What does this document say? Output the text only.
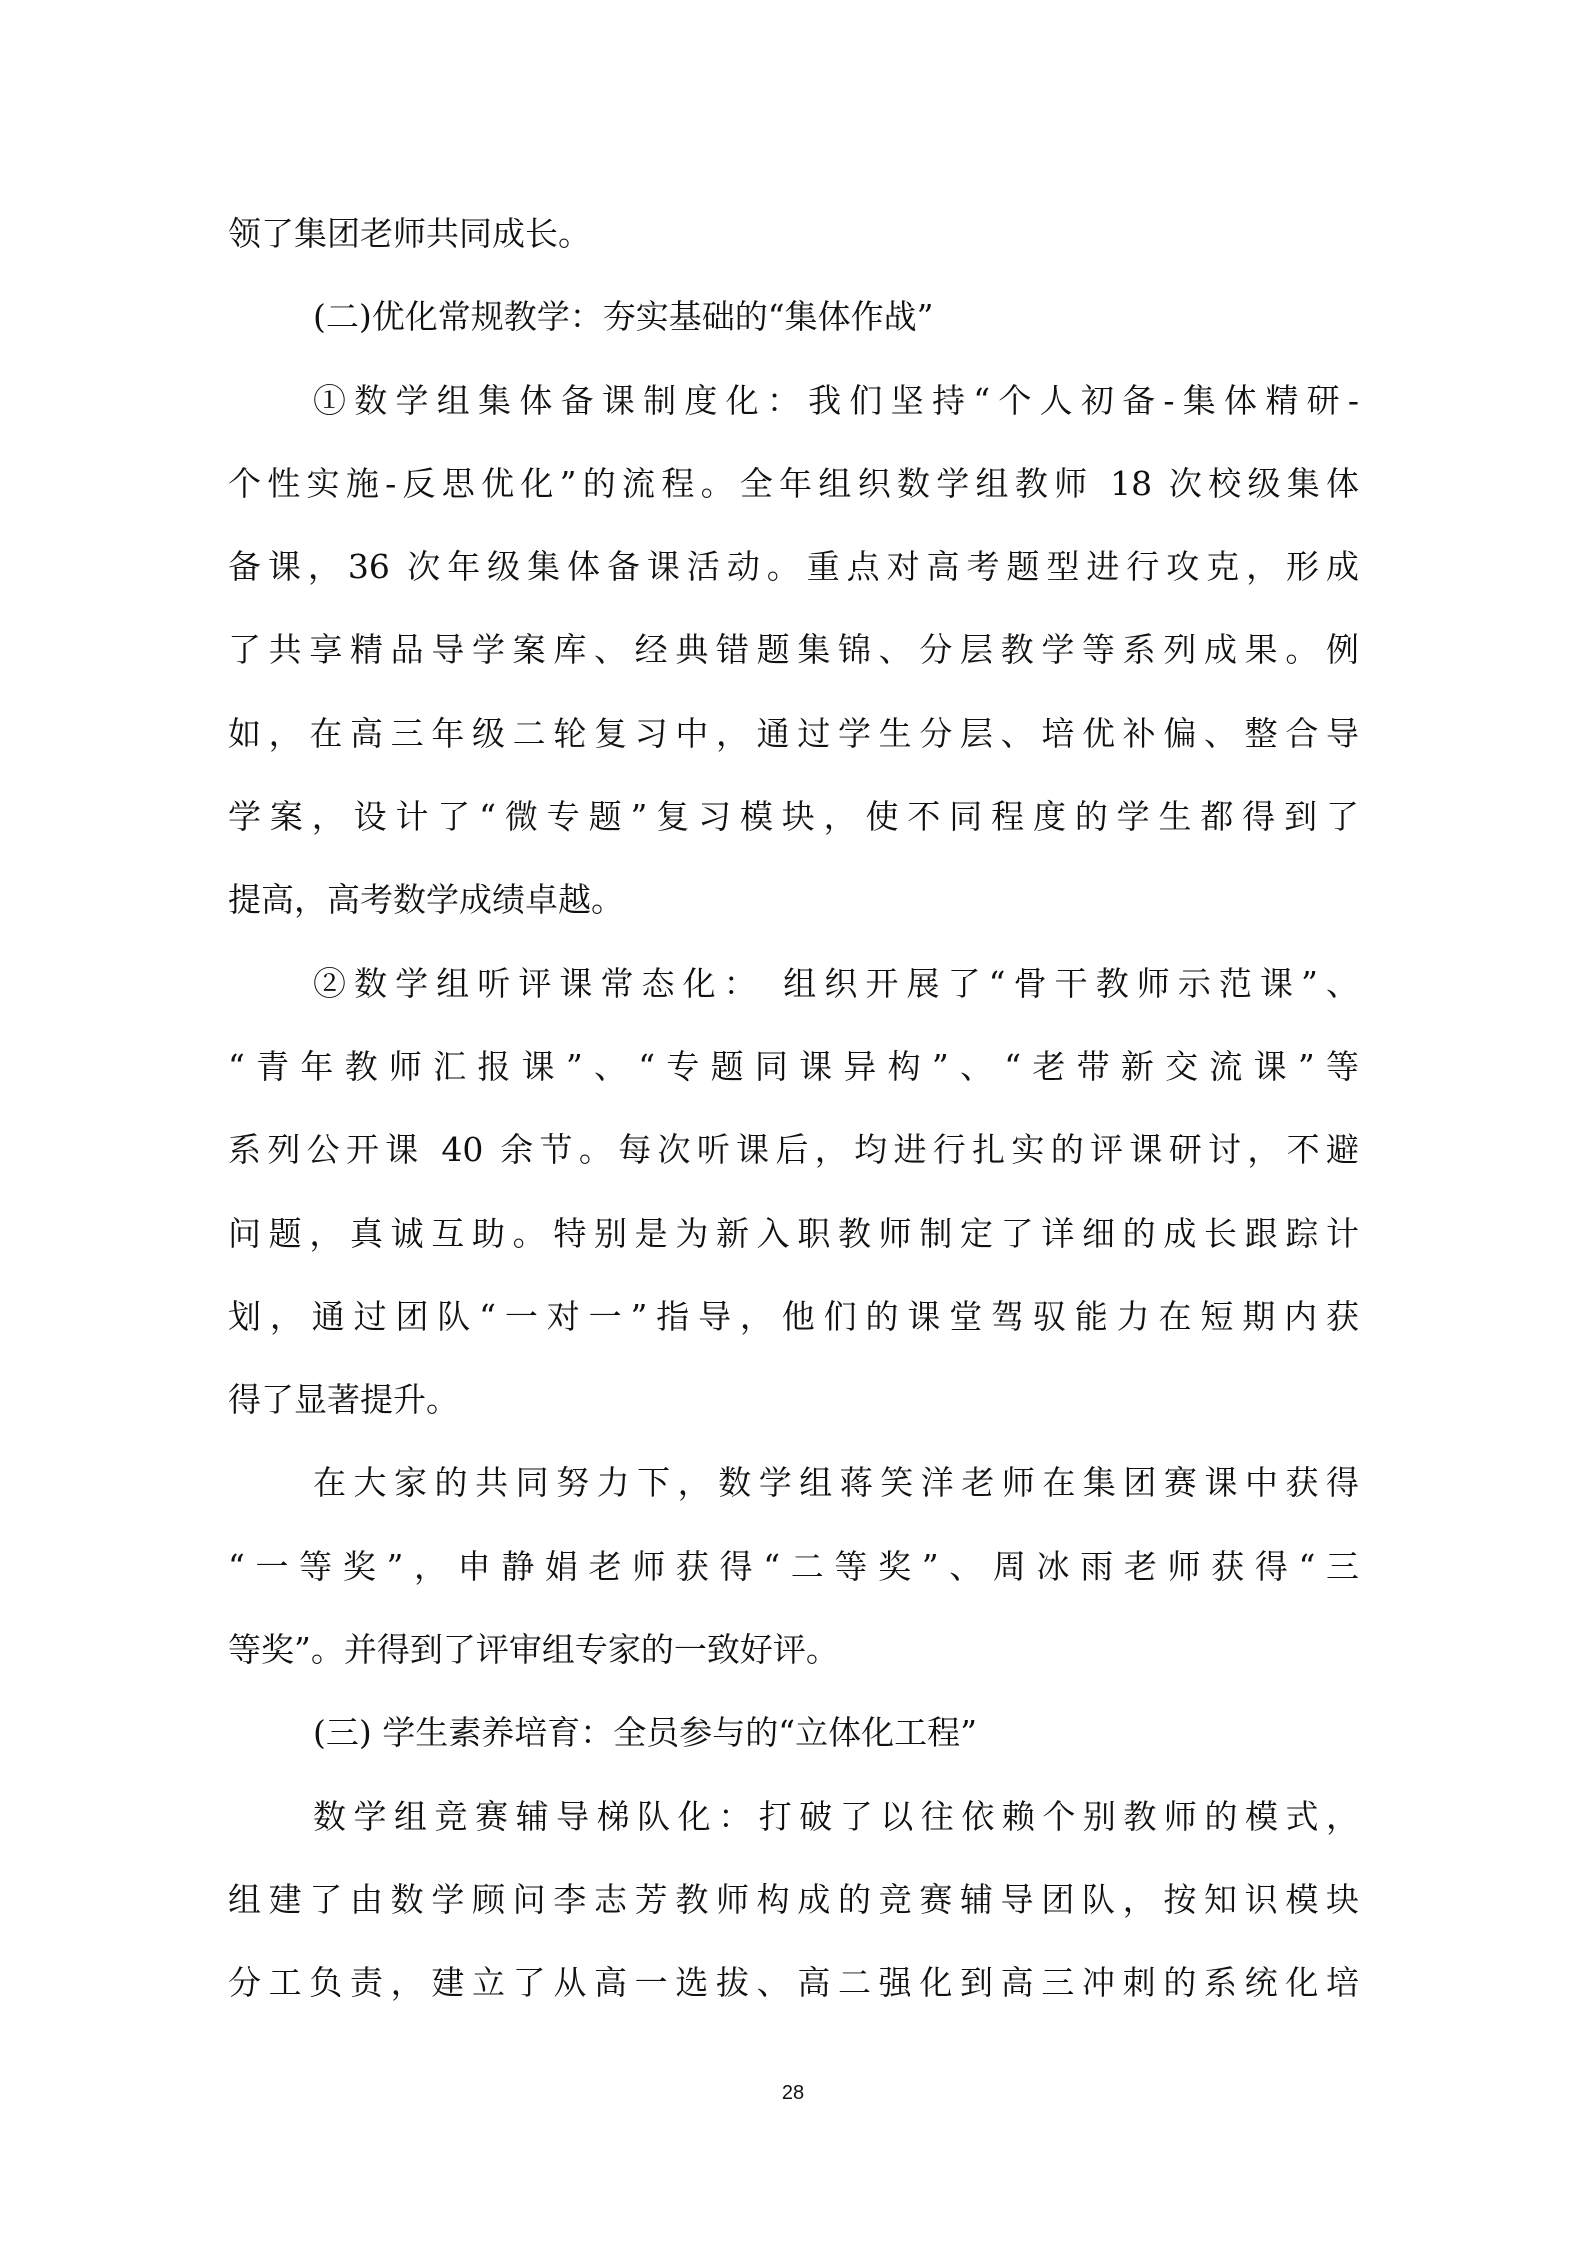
领了集团老师共同成长。
(二)优化常规教学：夯实基础的“集体作战”
①数学组集体备课制度化：我们坚持“个人初备-集体精研-
个性实施-反思优化”的流程。全年组织数学组教师 18 次校级集体
备课，36 次年级集体备课活动。重点对高考题型进行攻克，形成
了共享精品导学案库、经典错题集锦、分层教学等系列成果。例
如，在高三年级二轮复习中，通过学生分层、培优补偏、整合导
学案，设计了“微专题”复习模块，使不同程度的学生都得到了
提高，高考数学成绩卓越。
②数学组听评课常态化： 组织开展了“骨干教师示范课”、
“青年教师汇报课”、“专题同课异构”、“老带新交流课”等
系列公开课 40 余节。每次听课后，均进行扎实的评课研讨，不避
问题，真诚互助。特别是为新入职教师制定了详细的成长跟踪计
划，通过团队“一对一”指导，他们的课堂驾驭能力在短期内获
得了显著提升。
在大家的共同努力下，数学组蒋笑洋老师在集团赛课中获得
“一等奖”，申静娟老师获得“二等奖”、周冰雨老师获得“三
等奖”。并得到了评审组专家的一致好评。
(三) 学生素养培育：全员参与的“立体化工程”
数学组竞赛辅导梯队化：打破了以往依赖个别教师的模式，
组建了由数学顾问李志芳教师构成的竞赛辅导团队，按知识模块
分工负责，建立了从高一选拔、高二强化到高三冲刺的系统化培
28
